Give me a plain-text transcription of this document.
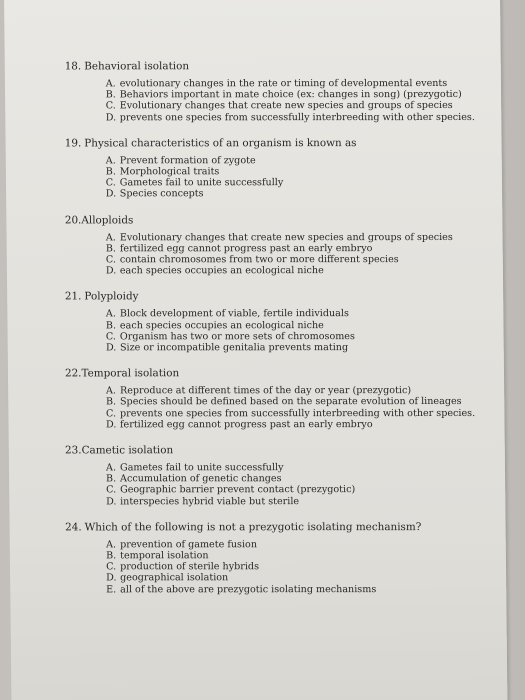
18. Behavioral isolation
A. evolutionary changes in the rate or timing of developmental events
B. Behaviors important in mate choice (ex: changes in song) (prezygotic)
C. Evolutionary changes that create new species and groups of species
D. prevents one species from successfully interbreeding with other species.
19. Physical characteristics of an organism is known as
A. Prevent formation of zygote
B. Morphological traits
C. Gametes fail to unite successfully
D. Species concepts
20.Alloploids
A. Evolutionary changes that create new species and groups of species
B. fertilized egg cannot progress past an early embryo
C. contain chromosomes from two or more different species
D. each species occupies an ecological niche
21. Polyploidy
A. Block development of viable, fertile individuals
B. each species occupies an ecological niche
C. Organism has two or more sets of chromosomes
D. Size or incompatible genitalia prevents mating
22.Temporal isolation
A. Reproduce at different times of the day or year (prezygotic)
B. Species should be defined based on the separate evolution of lineages
C. prevents one species from successfully interbreeding with other species.
D. fertilized egg cannot progress past an early embryo
23.Cametic isolation
A. Gametes fail to unite successfully
B. Accumulation of genetic changes
C. Geographic barrier prevent contact (prezygotic)
D. interspecies hybrid viable but sterile
24. Which of the following is not a prezygotic isolating mechanism?
A. prevention of gamete fusion
B. temporal isolation
C. production of sterile hybrids
D. geographical isolation
E. all of the above are prezygotic isolating mechanisms
